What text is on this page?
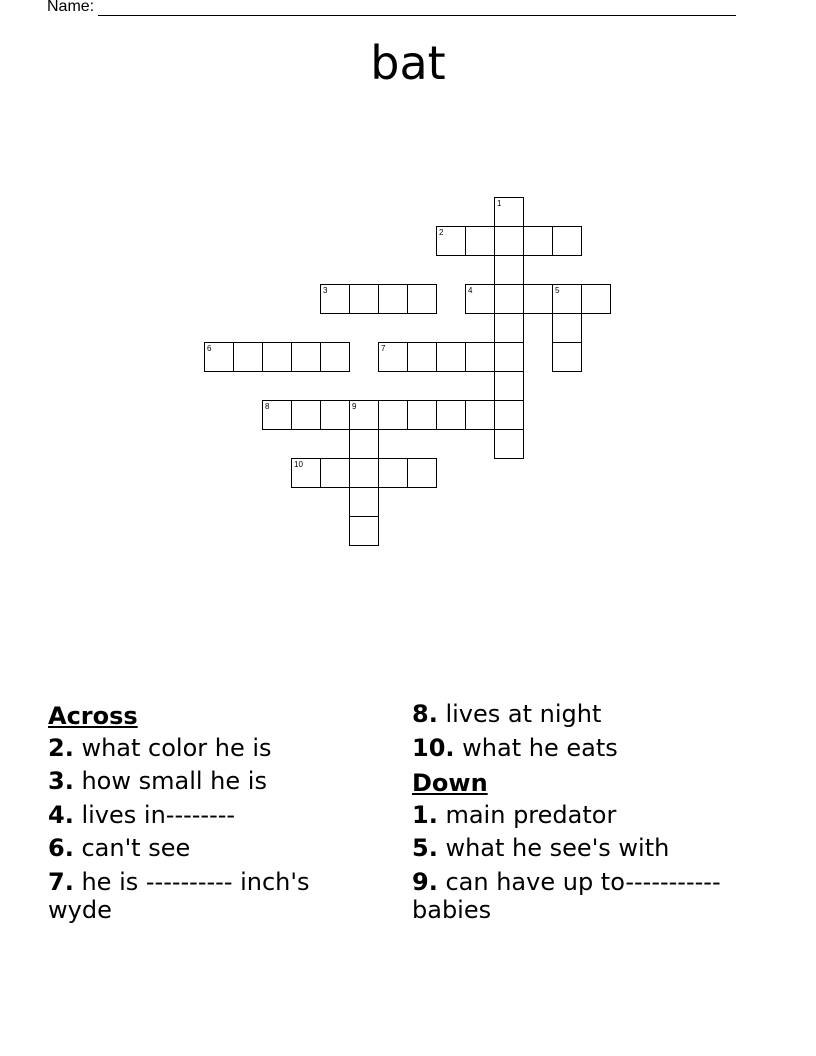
Name:
bat
1
2
3	4	5
6	7
8	9
10
Across
2. what color he is
3. how small he is
4. lives in--------
6. can't see
7. he is ---------- inch's wyde
8. lives at night
10. what he eats
Down
1. main predator
5. what he see's with
9. can have up to-----------babies
